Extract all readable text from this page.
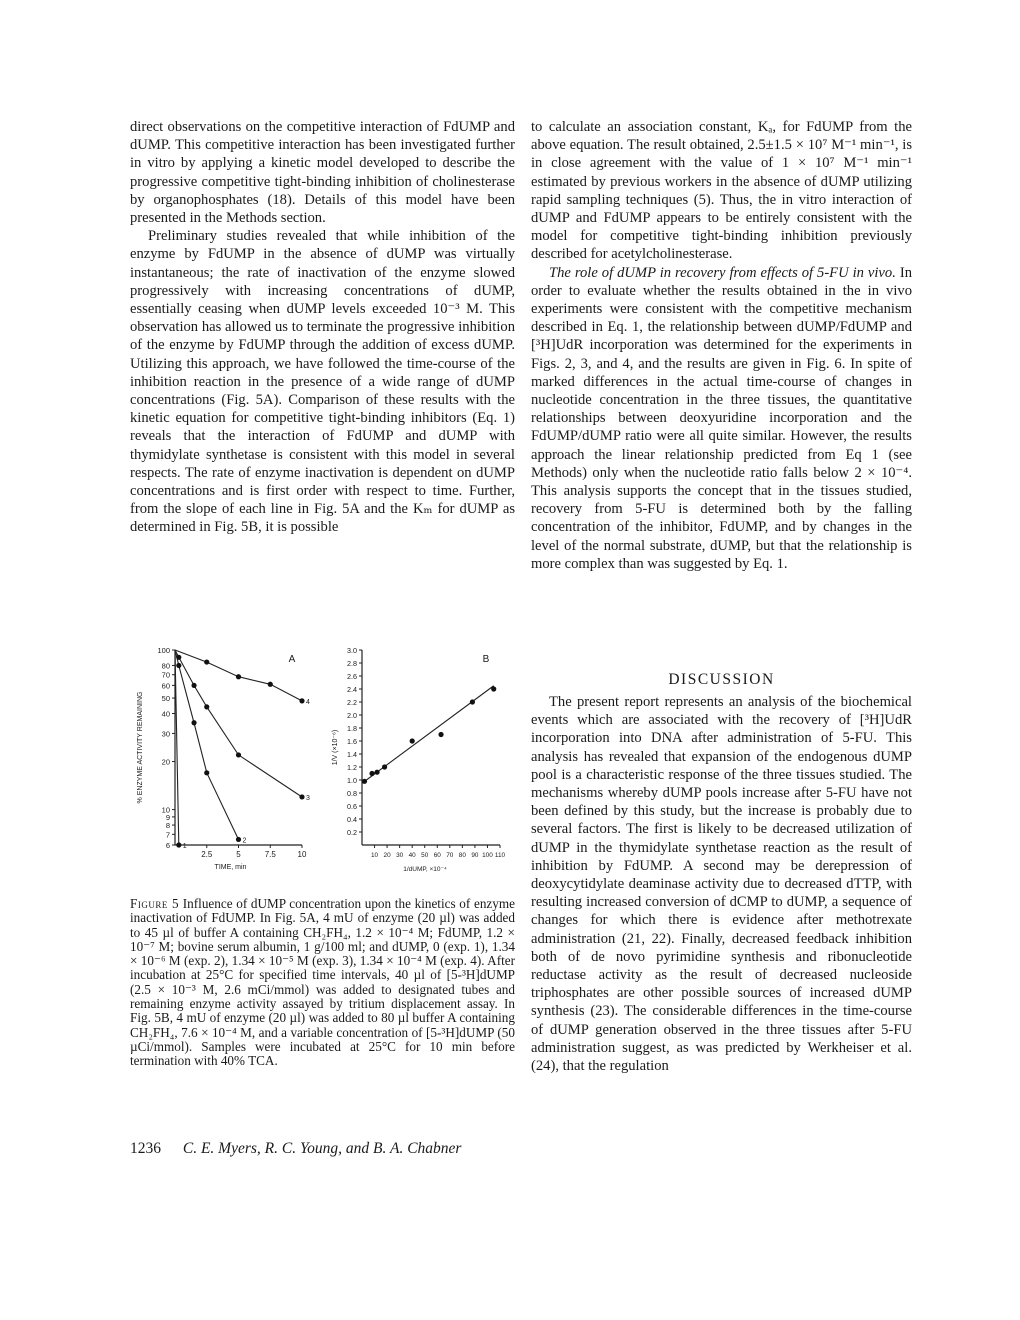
direct observations on the competitive interaction of FdUMP and dUMP. This competitive interaction has been investigated further in vitro by applying a kinetic model developed to describe the progressive competitive tight-binding inhibition of cholinesterase by organophosphates (18). Details of this model have been presented in the Methods section.

Preliminary studies revealed that while inhibition of the enzyme by FdUMP in the absence of dUMP was virtually instantaneous; the rate of inactivation of the enzyme slowed progressively with increasing concentrations of dUMP, essentially ceasing when dUMP levels exceeded 10⁻³ M. This observation has allowed us to terminate the progressive inhibition of the enzyme by FdUMP through the addition of excess dUMP. Utilizing this approach, we have followed the time-course of the inhibition reaction in the presence of a wide range of dUMP concentrations (Fig. 5A). Comparison of these results with the kinetic equation for competitive tight-binding inhibitors (Eq. 1) reveals that the interaction of FdUMP and dUMP with thymidylate synthetase is consistent with this model in several respects. The rate of enzyme inactivation is dependent on dUMP concentrations and is first order with respect to time. Further, from the slope of each line in Fig. 5A and the Kₘ for dUMP as determined in Fig. 5B, it is possible

to calculate an association constant, Kₐ, for FdUMP from the above equation. The result obtained, 2.5±1.5 × 10⁷ M⁻¹ min⁻¹, is in close agreement with the value of 1 × 10⁷ M⁻¹ min⁻¹ estimated by previous workers in the absence of dUMP utilizing rapid sampling techniques (5). Thus, the in vitro interaction of dUMP and FdUMP appears to be entirely consistent with the model for competitive tight-binding inhibition previously described for acetylcholinesterase.

The role of dUMP in recovery from effects of 5-FU in vivo. In order to evaluate whether the results obtained in the in vivo experiments were consistent with the competitive mechanism described in Eq. 1, the relationship between dUMP/FdUMP and [³H]UdR incorporation was determined for the experiments in Figs. 2, 3, and 4, and the results are given in Fig. 6. In spite of marked differences in the actual time-course of changes in nucleotide concentration in the three tissues, the quantitative relationships between deoxyuridine incorporation and the FdUMP/dUMP ratio were all quite similar. However, the results approach the linear relationship predicted from Eq 1 (see Methods) only when the nucleotide ratio falls below 2 × 10⁻⁴. This analysis supports the concept that in the tissues studied, recovery from 5-FU is determined both by the falling concentration of the inhibitor, FdUMP, and by changes in the level of the normal substrate, dUMP, but that the relationship is more complex than was suggested by Eq. 1.

DISCUSSION

The present report represents an analysis of the biochemical events which are associated with the recovery of [³H]UdR incorporation into DNA after administration of 5-FU. This analysis has revealed that expansion of the endogenous dUMP pool is a characteristic response of the three tissues studied. The mechanisms whereby dUMP pools increase after 5-FU have not been defined by this study, but the increase is probably due to several factors. The first is likely to be decreased utilization of dUMP in the thymidylate synthetase reaction as the result of inhibition by FdUMP. A second may be derepression of deoxycytidylate deaminase activity due to decreased dTTP, with resulting increased conversion of dCMP to dUMP, a sequence of changes for which there is evidence after methotrexate administration (21, 22). Finally, decreased feedback inhibition both of de novo pyrimidine synthesis and ribonucleotide reductase activity as the result of decreased nucleoside triphosphates are other possible sources of increased dUMP synthesis (23). The considerable differences in the time-course of dUMP generation observed in the three tissues after 5-FU administration suggest, as was predicted by Werkheiser et al. (24), that the regulation

100
80
70
60
50
40
30
20
10
9
8
7
6
2.5	5	7.5	10
TIME, min
% ENZYME ACTIVITY REMAINING
A
1
2
3
4
3.0
2.8
2.6
2.4
2.2
2.0
1.8
1.6
1.4
1.2
1.0
0.8
0.6
0.4
0.2
10 20 30 40 50 60 70 80 90 100 110
1/dUMP, ×10⁻⁴
1/V (×10⁻⁶)
B
Figure 5 Influence of dUMP concentration upon the kinetics of enzyme inactivation of FdUMP. In Fig. 5A, 4 mU of enzyme (20 µl) was added to 45 µl of buffer A containing CH₂FH₄, 1.2 × 10⁻⁴ M; FdUMP, 1.2 × 10⁻⁷ M; bovine serum albumin, 1 g/100 ml; and dUMP, 0 (exp. 1), 1.34 × 10⁻⁶ M (exp. 2), 1.34 × 10⁻⁵ M (exp. 3), 1.34 × 10⁻⁴ M (exp. 4). After incubation at 25°C for specified time intervals, 40 µl of [5-³H]dUMP (2.5 × 10⁻³ M, 2.6 mCi/mmol) was added to designated tubes and remaining enzyme activity assayed by tritium displacement assay. In Fig. 5B, 4 mU of enzyme (20 µl) was added to 80 µl buffer A containing CH₂FH₄, 7.6 × 10⁻⁴ M, and a variable concentration of [5-³H]dUMP (50 µCi/mmol). Samples were incubated at 25°C for 10 min before termination with 40% TCA.
1236 C. E. Myers, R. C. Young, and B. A. Chabner
